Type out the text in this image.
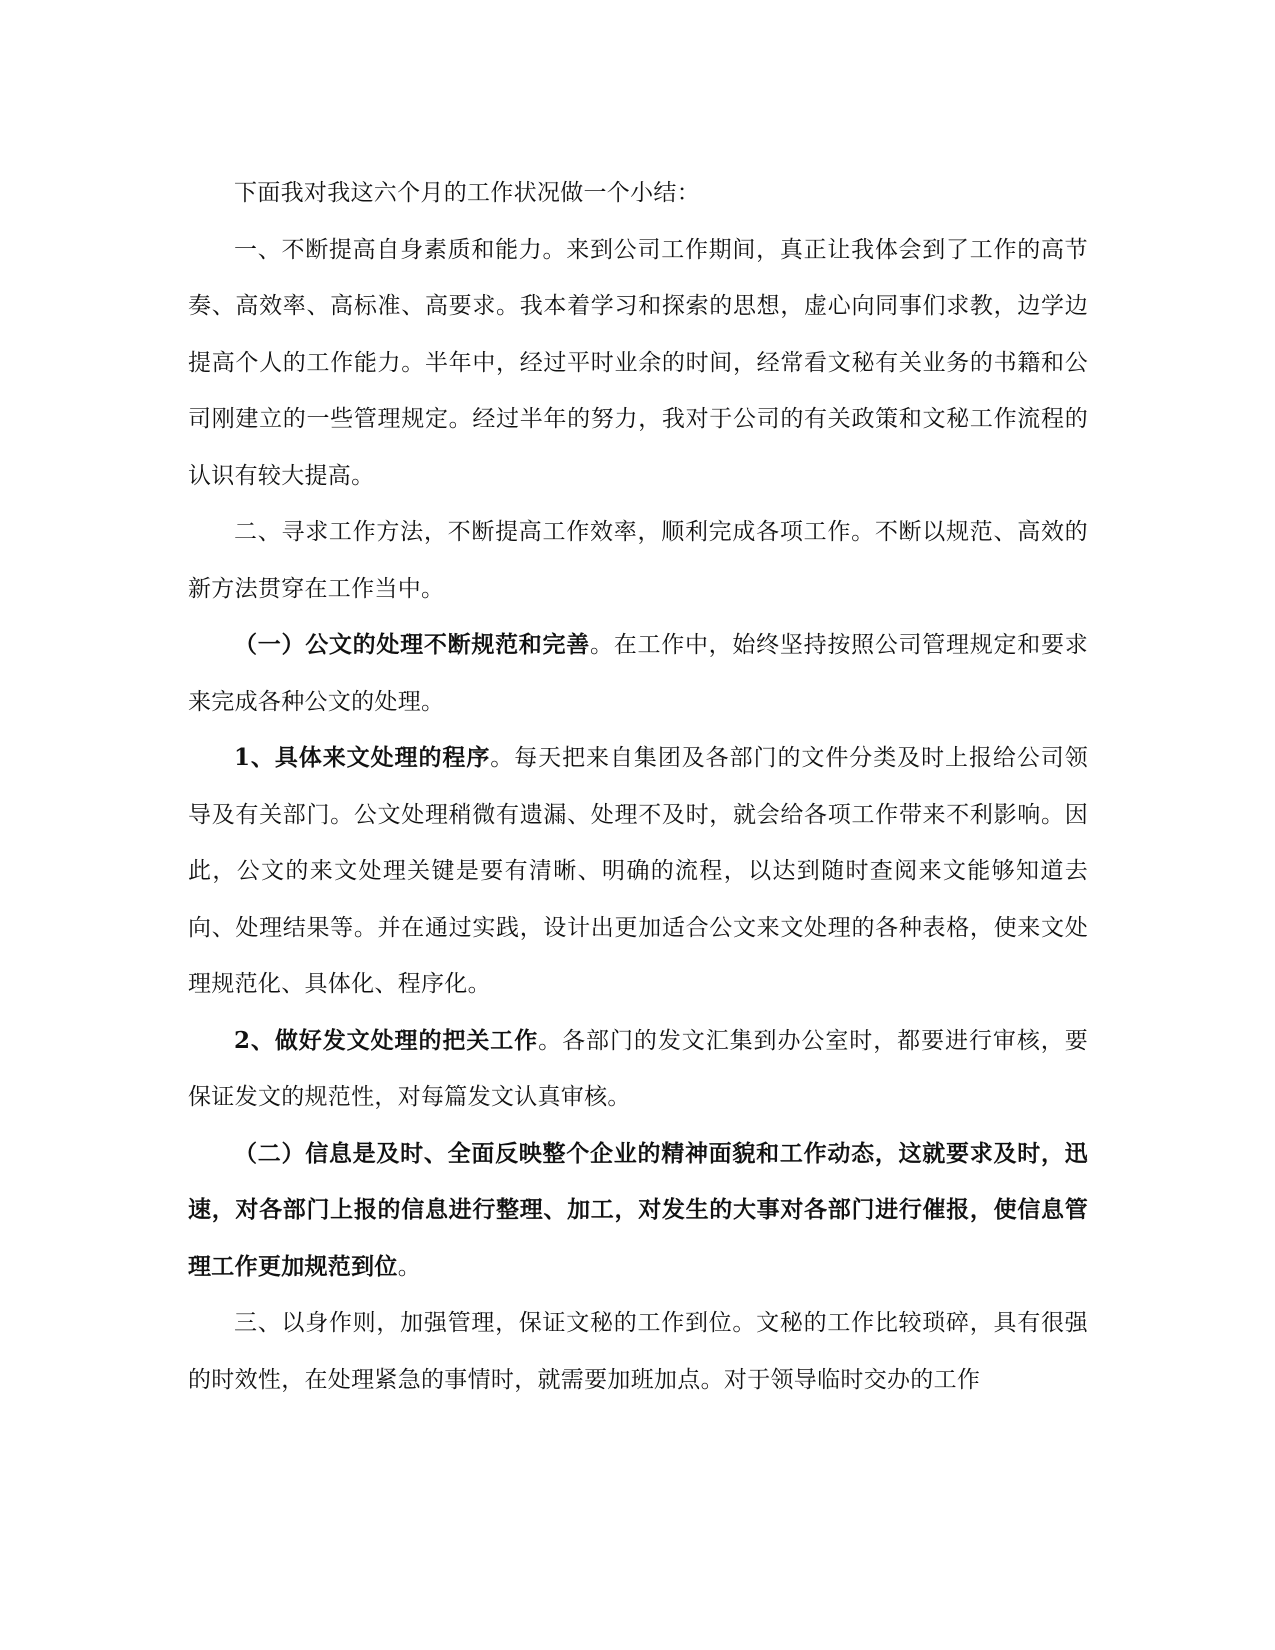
下面我对我这六个月的工作状况做一个小结：

一、不断提高自身素质和能力。来到公司工作期间，真正让我体会到了工作的高节奏、高效率、高标准、高要求。我本着学习和探索的思想，虚心向同事们求教，边学边提高个人的工作能力。半年中，经过平时业余的时间，经常看文秘有关业务的书籍和公司刚建立的一些管理规定。经过半年的努力，我对于公司的有关政策和文秘工作流程的认识有较大提高。

二、寻求工作方法，不断提高工作效率，顺利完成各项工作。不断以规范、高效的新方法贯穿在工作当中。

（一）公文的处理不断规范和完善。在工作中，始终坚持按照公司管理规定和要求来完成各种公文的处理。

1、具体来文处理的程序。每天把来自集团及各部门的文件分类及时上报给公司领导及有关部门。公文处理稍微有遗漏、处理不及时，就会给各项工作带来不利影响。因此，公文的来文处理关键是要有清晰、明确的流程，以达到随时查阅来文能够知道去向、处理结果等。并在通过实践，设计出更加适合公文来文处理的各种表格，使来文处理规范化、具体化、程序化。

2、做好发文处理的把关工作。各部门的发文汇集到办公室时，都要进行审核，要保证发文的规范性，对每篇发文认真审核。

（二）信息是及时、全面反映整个企业的精神面貌和工作动态，这就要求及时，迅速，对各部门上报的信息进行整理、加工，对发生的大事对各部门进行催报，使信息管理工作更加规范到位。

三、以身作则，加强管理，保证文秘的工作到位。文秘的工作比较琐碎，具有很强的时效性，在处理紧急的事情时，就需要加班加点。对于领导临时交办的工作
